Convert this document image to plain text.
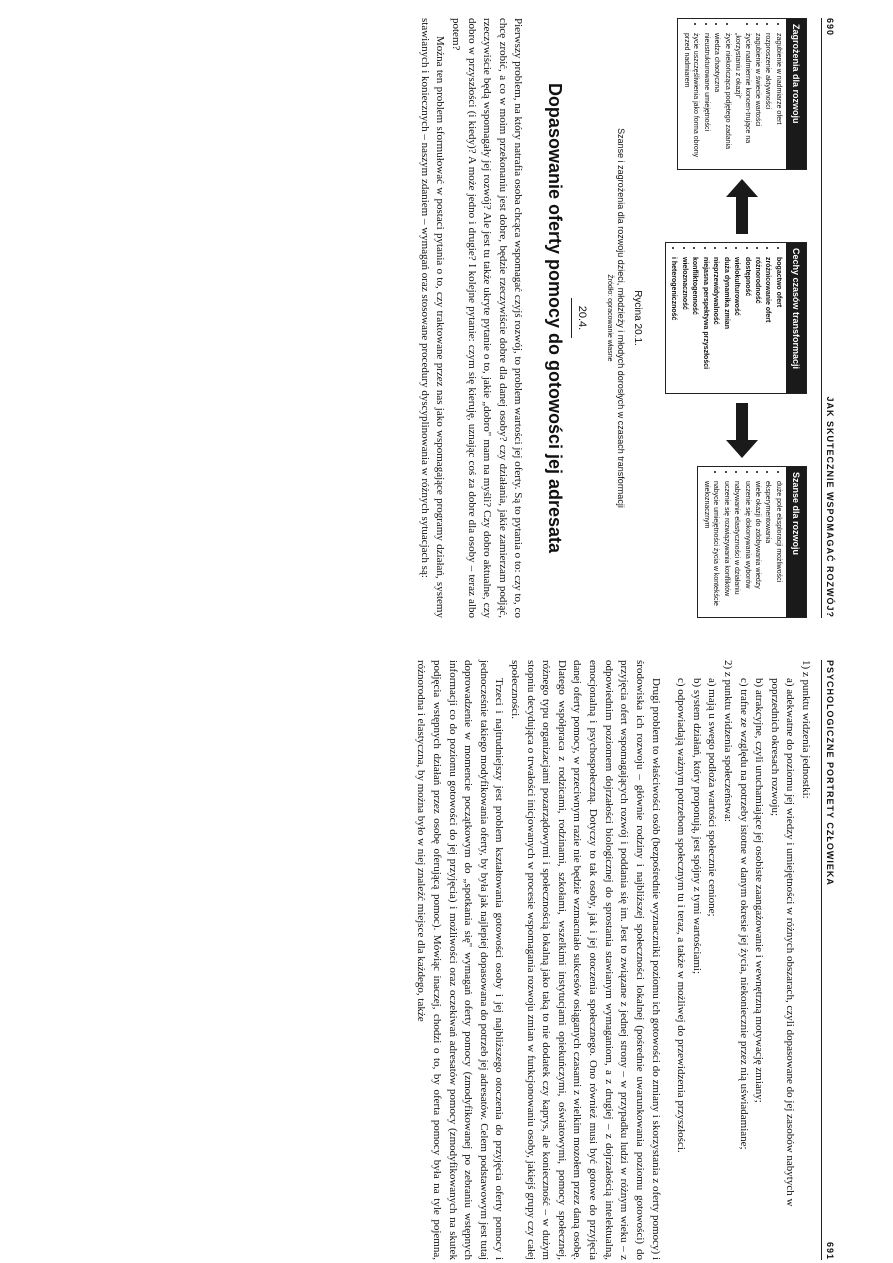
690
JAK SKUTECZNIE WSPOMAGAĆ ROZWÓJ?
Zagrożenia dla rozwoju
• zagubienie w nadmiarze ofert
• rozproszenie aktywności
• zagubienie w świecie wartości
• życie nadmiernie koncen-trujące na „korzystaniu z okazji"
• życie niekończąca podjętego zadania
• wiedza chaotyczna
• nieustrukturowane umiejętności
• życie uszczęśliwienia jako forma obrony przed nadmiarem
Cechy czasów transformacji
• bogactwo ofert
• zróżnicowanie ofert
• różnorodność
• dostępność
• wielokulturowość
• duża dynamika zmian
• nieprzewidywalność
• niejasna perspektywa przyszłości
• konfliktogenność
• wieloznaczność
• i heterogeniczność
Szanse dla rozwoju
• duże pole eksploracji możliwości
• eksperymentowania
• wiele okazji do zdobywania wiedzy
• uczenie się dokonywania wyborów
• nabywanie elastyczności w działaniu
• uczenie się rozwiązywania konfliktów
• nabycie umiejętności życia w kontekście wieloznacznym
Rycina 20.1.
Szanse i zagrożenia dla rozwoju dzieci, młodzieży i młodych dorosłych w czasach transformacji
Źródło: opracowanie własne
20.4.
Dopasowanie oferty pomocy do gotowości jej adresata

Pierwszy problem, na który natrafia osoba chcąca wspomagać czyjś rozwój, to problem wartości jej oferty. Są to pytania o to: czy to, co chcę zrobić, a co w moim przekonaniu jest dobre, będzie rzeczywiście dobre dla danej osoby? czy działania, jakie zamierzam podjąć, rzeczywiście będą wspomagały jej rozwój? Ale jest tu także ukryte pytanie o to, jakie „dobro" mam na myśli? Czy dobro aktualne, czy dobro w przyszłości (i kiedy)? A może jedno i drugie? I kolejne pytanie: czym się kieruję, uznając coś za dobre dla osoby – teraz albo potem?

Można ten problem sformułować w postaci pytania o to, czy traktowane przez nas jako wspomagające programy działań, systemy stawianych i koniecznych – naszym zdaniem – wymagań oraz stosowane procedury dyscyplinowania w różnych sytuacjach są:

PSYCHOLOGICZNE PORTRETY CZŁOWIEKA
691

1) z punktu widzenia jednostki:

a) adekwatne do poziomu jej wiedzy i umiejętności w różnych obszarach, czyli dopasowane do jej zasobów nabytych w poprzednich okresach rozwoju;

b) atrakcyjne, czyli uruchamiające jej osobiste zaangażowanie i wewnętrzną motywację zmiany;

c) trafne ze względu na potrzeby istotne w danym okresie jej życia, niekoniecznie przez nią uświadamiane;

2) z punktu widzenia społeczeństwa:

a) mają u swego podłoża wartości społecznie cenione;

b) system działań, który proponują, jest spójny z tymi wartościami;

c) odpowiadają ważnym potrzebom społecznym tu i teraz, a także w możliwej do przewidzenia przyszłości.

Drugi problem to właściwości osób (bezpośrednie wyznaczniki poziomu ich gotowości do zmiany i skorzystania z oferty pomocy) i środowiska ich rozwoju – głównie rodziny i najbliższej społeczności lokalnej (pośrednie uwarunkowania poziomu gotowości) do przyjęcia ofert wspomagających rozwój i poddania się im. Jest to związane z jednej strony – w przypadku ludzi w różnym wieku – z odpowiednim poziomem dojrzałości biologicznej do sprostania stawianym wymaganiom, a z drugiej – z dojrzałością intelektualną, emocjonalną i psychospołeczną. Dotyczy to tak osoby, jak i jej otoczenia społecznego. Ono również musi być gotowe do przyjęcia danej oferty pomocy, w przeciwnym razie nie będzie wzmacniało sukcesów osiąganych czasami z wielkim mozołem przez daną osobę. Dlatego współpraca z rodzicami, rodzinami, szkołami, wszelkimi instytucjami opiekuńczymi, oświatowymi, pomocy społecznej, różnego typu organizacjami pozarządowymi i społecznością lokalną jako taką to nie dodatek czy kaprys, ale konieczność – w dużym stopniu decydująca o trwałości inicjowanych w procesie wspomagania rozwoju zmian w funkcjonowaniu osoby, jakiejś grupy czy całej społeczności.

Trzeci i najtrudniejszy jest problem kształtowania gotowości osoby i jej najbliższego otoczenia do przyjęcia oferty pomocy i jednocześnie takiego modyfikowania oferty, by była jak najlepiej dopasowana do potrzeb jej adresatów. Celem podstawowym jest tutaj doprowadzenie w momencie początkowym do „spotkania się" wymagań oferty pomocy (zmodyfikowanej po zebraniu wstępnych informacji co do poziomu gotowości do jej przyjęcia) i możliwości oraz oczekiwań adresatów pomocy (zmodyfikowanych na skutek podjęcia wstępnych działań przez osobę oferującą pomoc). Mówiąc inaczej, chodzi o to, by oferta pomocy była na tyle pojemna, różnorodna i elastyczna, by można było w niej znaleźć miejsce dla każdego, także
